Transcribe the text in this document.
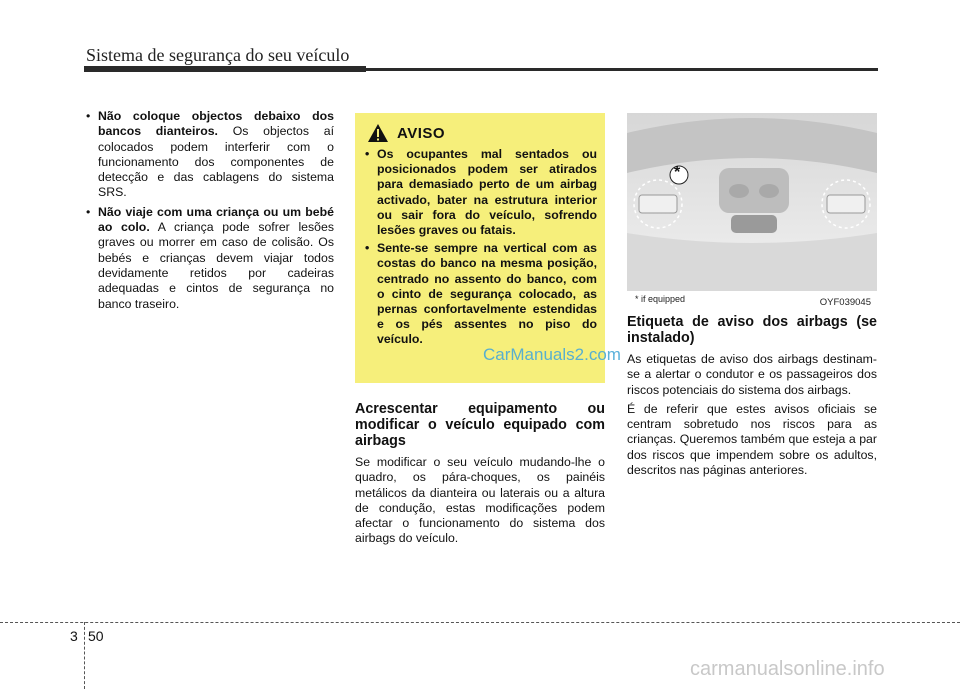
Sistema de segurança do seu veículo
• Não coloque objectos debaixo dos bancos dianteiros. Os objectos aí colocados podem interferir com o funcionamento dos componentes de detecção e das cablagens do sistema SRS.
• Não viaje com uma criança ou um bebé ao colo. A criança pode sofrer lesões graves ou morrer em caso de colisão. Os bebés e crianças devem viajar todos devidamente retidos por cadeiras adequadas e cintos de segurança no banco traseiro.
AVISO
• Os ocupantes mal sentados ou posicionados podem ser atirados para demasiado perto de um airbag activado, bater na estrutura interior ou sair fora do veículo, sofrendo lesões graves ou fatais.
• Sente-se sempre na vertical com as costas do banco na mesma posição, centrado no assento do banco, com o cinto de segurança colocado, as pernas confortavelmente estendidas e os pés assentes no piso do veículo.
Acrescentar equipamento ou modificar o veículo equipado com airbags
Se modificar o seu veículo mudando-lhe o quadro, os pára-choques, os painéis metálicos da dianteira ou laterais ou a altura de condução, estas modificações podem afectar o funcionamento do sistema dos airbags do veículo.
*
* if equipped	OYF039045
Etiqueta de aviso dos airbags (se instalado)
As etiquetas de aviso dos airbags destinam-se a alertar o condutor e os passageiros dos riscos potenciais do sistema dos airbags.
É de referir que estes avisos oficiais se centram sobretudo nos riscos para as crianças. Queremos também que esteja a par dos riscos que impendem sobre os adultos, descritos nas páginas anteriores.
CarManuals2.com
3 50
carmanualsonline.info
